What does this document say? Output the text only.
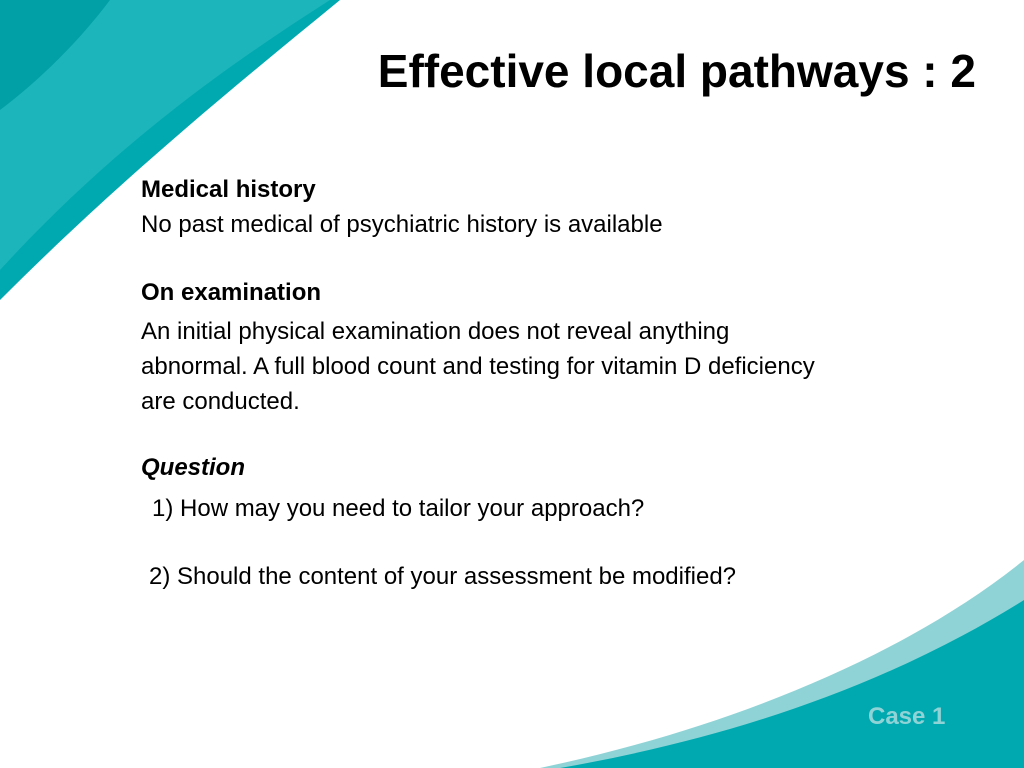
Effective local pathways : 2
Medical history
No past medical of psychiatric history is available
On examination
An initial physical examination does not reveal anything
abnormal. A full blood count and testing for vitamin D deficiency
are conducted.
Question
1) How may you need to tailor your approach?
2) Should the content of your assessment be modified?
Case 1
